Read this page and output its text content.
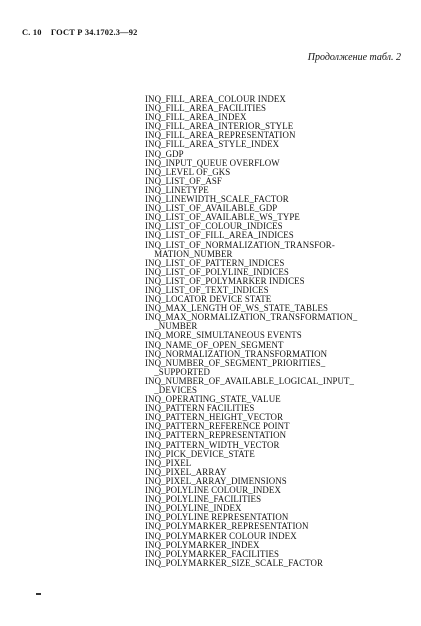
С. 10 ГОСТ Р 34.1702.3—92
Продолжение табл. 2
INQ_FILL_AREA_COLOUR INDEX
INQ_FILL_AREA_FACILITIES
INQ_FILL_AREA_INDEX
INQ_FILL_AREA_INTERIOR_STYLE
INQ_FILL_AREA_REPRESENTATION
INQ_FILL_AREA_STYLE_INDEX
INQ_GDP
INQ_INPUT_QUEUE OVERFLOW
INQ_LEVEL OF_GKS
INQ_LIST_OF_ASF
INQ_LINETYPE
INQ_LINEWIDTH_SCALE_FACTOR
INQ_LIST_OF_AVAILABLE_GDP
INQ_LIST_OF_AVAILABLE_WS_TYPE
INQ_LIST_OF_COLOUR_INDICES
INQ_LIST_OF_FILL_AREA_INDICES
INQ_LIST_OF_NORMALIZATION_TRANSFOR-
MATION_NUMBER
INQ_LIST_OF_PATTERN_INDICES
INQ_LIST_OF_POLYLINE_INDICES
INQ_LIST_OF_POLYMARKER INDICES
INQ_LIST_OF_TEXT_INDICES
INQ_LOCATOR DEVICE STATE
INQ_MAX_LENGTH OF_WS_STATE_TABLES
INQ_MAX_NORMALIZATION_TRANSFORMATION_
_NUMBER
INQ_MORE_SIMULTANEOUS EVENTS
INQ_NAME_OF_OPEN_SEGMENT
INQ_NORMALIZATION_TRANSFORMATION
INQ_NUMBER_OF_SEGMENT_PRIORITIES_
_SUPPORTED
INQ_NUMBER_OF_AVAILABLE_LOGICAL_INPUT_
_DEVICES
INQ_OPERATING_STATE_VALUE
INQ_PATTERN FACILITIES
INQ_PATTERN_HEIGHT_VECTOR
INQ_PATTERN_REFERENCE POINT
INQ_PATTERN_REPRESENTATION
INQ_PATTERN_WIDTH_VECTOR
INQ_PICK_DEVICE_STATE
INQ_PIXEL
INQ_PIXEL_ARRAY
INQ_PIXEL_ARRAY_DIMENSIONS
INQ_POLYLINE COLOUR_INDEX
INQ_POLYLINE_FACILITIES
INQ_POLYLINE_INDEX
INQ_POLYLINE REPRESENTATION
INQ_POLYMARKER_REPRESENTATION
INQ_POLYMARKER COLOUR INDEX
INQ_POLYMARKER_INDEX
INQ_POLYMARKER_FACILITIES
INQ_POLYMARKER_SIZE_SCALE_FACTOR
